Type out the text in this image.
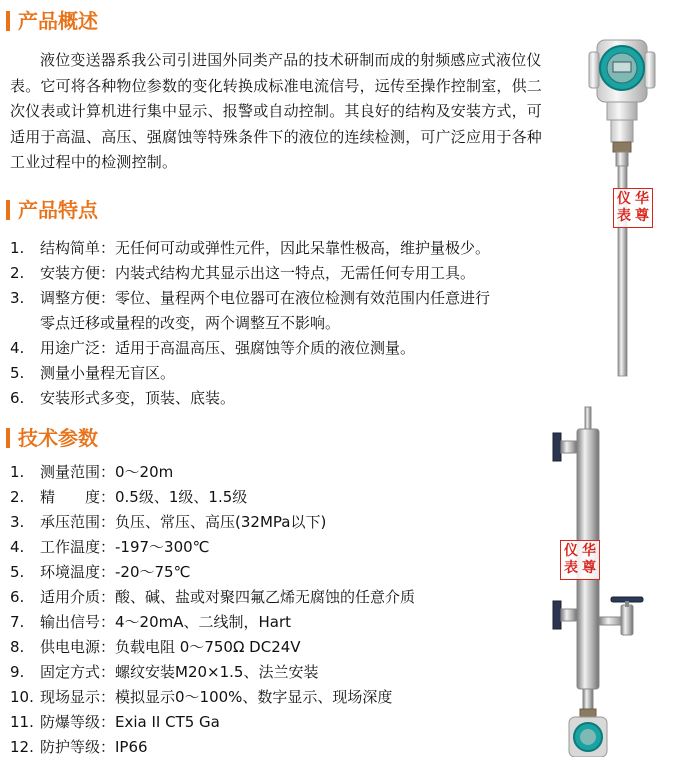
产品概述

液位变送器系我公司引进国外同类产品的技术研制而成的射频感应式液位仪表。它可将各种物位参数的变化转换成标准电流信号，远传至操作控制室，供二次仪表或计算机进行集中显示、报警或自动控制。其良好的结构及安装方式，可适用于高温、高压、强腐蚀等特殊条件下的液位的连续检测，可广泛应用于各种工业过程中的检测控制。

产品特点
1. 结构简单：无任何可动或弹性元件，因此呆靠性极高，维护量极少。
2. 安装方便：内装式结构尤其显示出这一特点，无需任何专用工具。
3. 调整方便：零位、量程两个电位器可在液位检测有效范围内任意进行
零点迁移或量程的改变，两个调整互不影响。
4. 用途广泛：适用于高温高压、强腐蚀等介质的液位测量。
5. 测量小量程无盲区。
6. 安装形式多变，顶装、底装。
技术参数
1. 测量范围：0～20m
2. 精　　度：0.5级、1级、1.5级
3. 承压范围：负压、常压、高压(32MPa以下)
4. 工作温度：-197～300℃
5. 环境温度：-20～75℃
6. 适用介质：酸、碱、盐或对聚四氟乙烯无腐蚀的任意介质
7. 输出信号：4～20mA、二线制，Hart
8. 供电电源：负载电阻 0～750Ω DC24V
9. 固定方式：螺纹安装M20×1.5、法兰安装
10. 现场显示：模拟显示0～100%、数字显示、现场深度
11. 防爆等级：Exia II CT5 Ga
12. 防护等级：IP66
仪 华
表 尊
仪 华
表 尊
